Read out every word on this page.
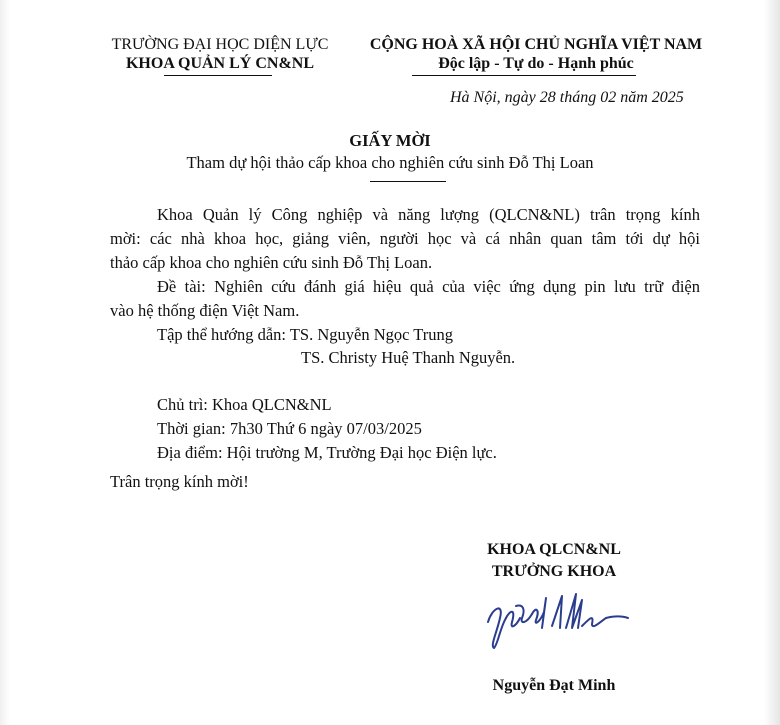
TRƯỜNG ĐẠI HỌC DIỆN LỰC
KHOA QUẢN LÝ CN&NL
CỘNG HOÀ XÃ HỘI CHỦ NGHĨA VIỆT NAM
Độc lập - Tự do - Hạnh phúc
Hà Nội, ngày 28 tháng 02 năm 2025
GIẤY MỜI
Tham dự hội thảo cấp khoa cho nghiên cứu sinh Đỗ Thị Loan
Khoa Quản lý Công nghiệp và năng lượng (QLCN&NL) trân trọng kính
mời: các nhà khoa học, giảng viên, người học và cá nhân quan tâm tới dự hội
thảo cấp khoa cho nghiên cứu sinh Đỗ Thị Loan.
Đề tài: Nghiên cứu đánh giá hiệu quả của việc ứng dụng pin lưu trữ điện
vào hệ thống điện Việt Nam.
Tập thể hướng dẫn: TS. Nguyễn Ngọc Trung
TS. Christy Huệ Thanh Nguyễn.
Chủ trì: Khoa QLCN&NL
Thời gian: 7h30 Thứ 6 ngày 07/03/2025
Địa điểm: Hội trường M, Trường Đại học Điện lực.
Trân trọng kính mời!
KHOA QLCN&NL
TRƯỞNG KHOA
Nguyễn Đạt Minh
